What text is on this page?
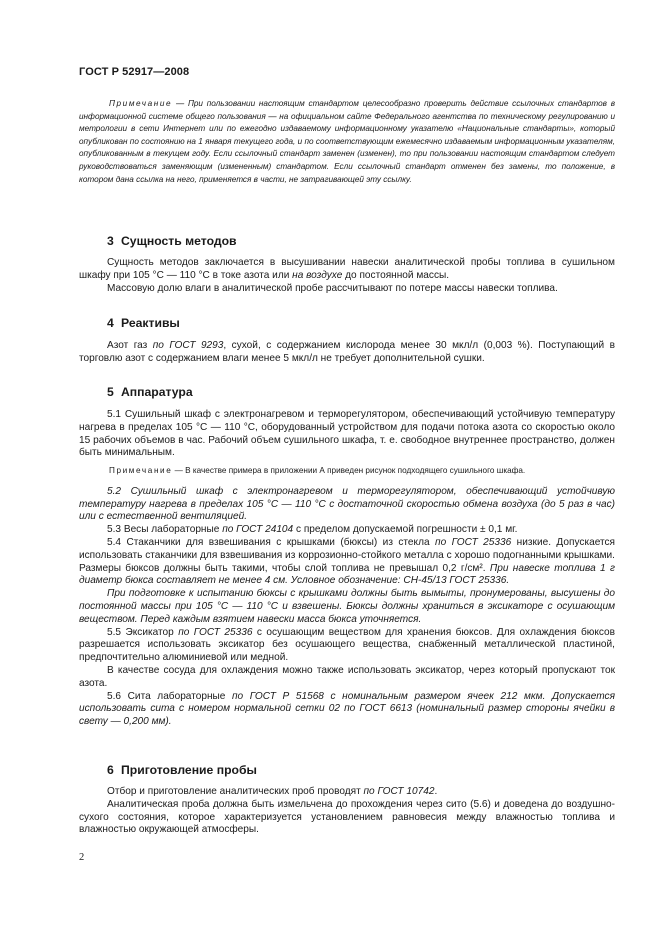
ГОСТ Р 52917—2008

Примечание — При пользовании настоящим стандартом целесообразно проверить действие ссылочных стандартов в информационной системе общего пользования — на официальном сайте Федерального агентства по техническому регулированию и метрологии в сети Интернет или по ежегодно издаваемому информационному указателю «Национальные стандарты», который опубликован по состоянию на 1 января текущего года, и по соответствующим ежемесячно издаваемым информационным указателям, опубликованным в текущем году. Если ссылочный стандарт заменен (изменен), то при пользовании настоящим стандартом следует руководствоваться заменяющим (измененным) стандартом. Если ссылочный стандарт отменен без замены, то положение, в котором дана ссылка на него, применяется в части, не затрагивающей эту ссылку.

3 Сущность методов

Сущность методов заключается в высушивании навески аналитической пробы топлива в сушильном шкафу при 105 °C — 110 °C в токе азота или на воздухе до постоянной массы.

Массовую долю влаги в аналитической пробе рассчитывают по потере массы навески топлива.

4 Реактивы

Азот газ по ГОСТ 9293, сухой, с содержанием кислорода менее 30 мкл/л (0,003 %). Поступающий в торговлю азот с содержанием влаги менее 5 мкл/л не требует дополнительной сушки.

5 Аппаратура

5.1 Сушильный шкаф с электронагревом и терморегулятором, обеспечивающий устойчивую температуру нагрева в пределах 105 °C — 110 °C, оборудованный устройством для подачи потока азота со скоростью около 15 рабочих объемов в час. Рабочий объем сушильного шкафа, т. е. свободное внутреннее пространство, должен быть минимальным.

Примечание — В качестве примера в приложении А приведен рисунок подходящего сушильного шкафа.

5.2 Сушильный шкаф с электронагревом и терморегулятором, обеспечивающий устойчивую температуру нагрева в пределах 105 °C — 110 °C с достаточной скоростью обмена воздуха (до 5 раз в час) или с естественной вентиляцией.

5.3 Весы лабораторные по ГОСТ 24104 с пределом допускаемой погрешности ± 0,1 мг.

5.4 Стаканчики для взвешивания с крышками (бюксы) из стекла по ГОСТ 25336 низкие. Допускается использовать стаканчики для взвешивания из коррозионно-стойкого металла с хорошо подогнанными крышками. Размеры бюксов должны быть такими, чтобы слой топлива не превышал 0,2 г/см². При навеске топлива 1 г диаметр бюкса составляет не менее 4 см. Условное обозначение: СН-45/13 ГОСТ 25336.

При подготовке к испытанию бюксы с крышками должны быть вымыты, пронумерованы, высушены до постоянной массы при 105 °C — 110 °C и взвешены. Бюксы должны храниться в эксикаторе с осушающим веществом. Перед каждым взятием навески масса бюкса уточняется.

5.5 Эксикатор по ГОСТ 25336 с осушающим веществом для хранения бюксов. Для охлаждения бюксов разрешается использовать эксикатор без осушающего вещества, снабженный металлической пластиной, предпочтительно алюминиевой или медной.

В качестве сосуда для охлаждения можно также использовать эксикатор, через который пропускают ток азота.

5.6 Сита лабораторные по ГОСТ Р 51568 с номинальным размером ячеек 212 мкм. Допускается использовать сита с номером нормальной сетки 02 по ГОСТ 6613 (номинальный размер стороны ячейки в свету — 0,200 мм).

6 Приготовление пробы

Отбор и приготовление аналитических проб проводят по ГОСТ 10742.

Аналитическая проба должна быть измельчена до прохождения через сито (5.6) и доведена до воздушно-сухого состояния, которое характеризуется установлением равновесия между влажностью топлива и влажностью окружающей атмосферы.

2
